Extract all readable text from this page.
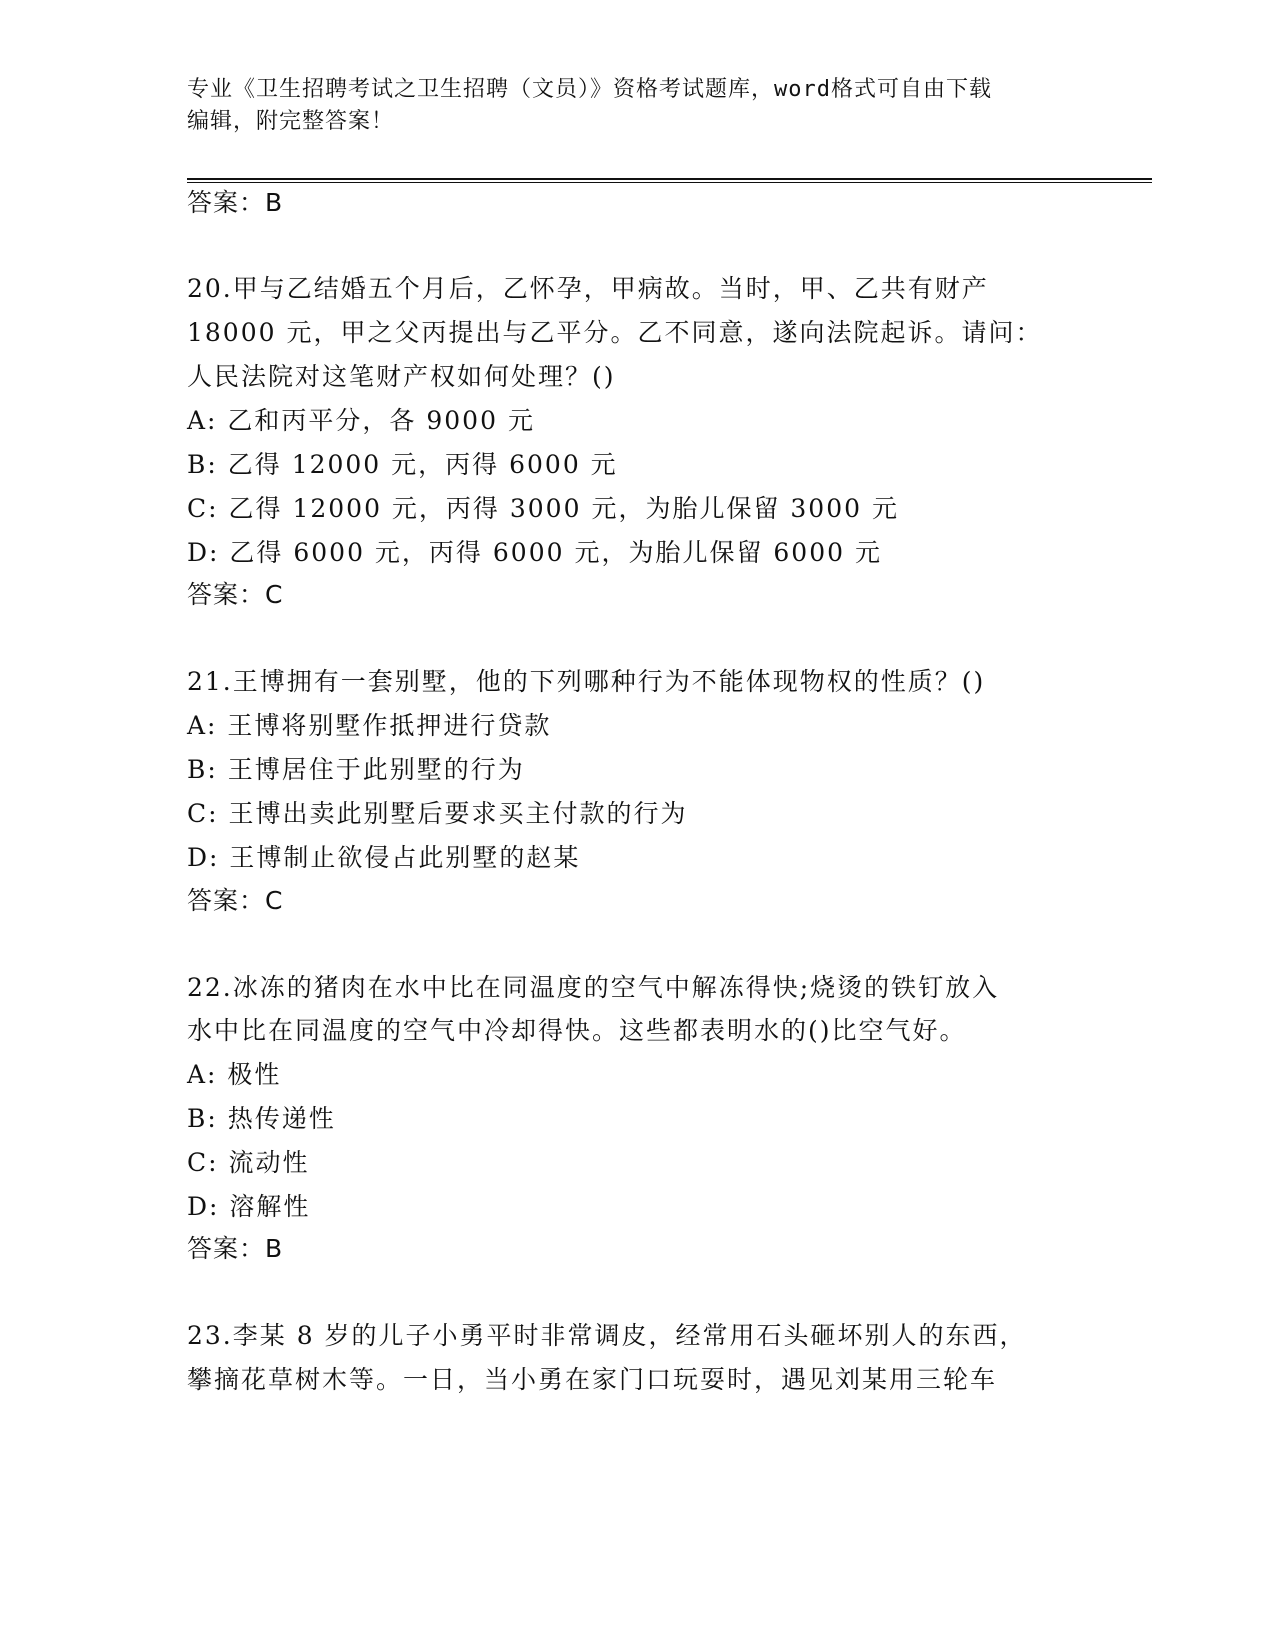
专业《卫生招聘考试之卫生招聘（文员）》资格考试题库，word格式可自由下载
编辑，附完整答案！
答案：B
20.甲与乙结婚五个月后，乙怀孕，甲病故。当时，甲、乙共有财产
18000 元，甲之父丙提出与乙平分。乙不同意，遂向法院起诉。请问：
人民法院对这笔财产权如何处理？()
A: 乙和丙平分，各 9000 元
B: 乙得 12000 元，丙得 6000 元
C: 乙得 12000 元，丙得 3000 元，为胎儿保留 3000 元
D: 乙得 6000 元，丙得 6000 元，为胎儿保留 6000 元
答案：C
21.王博拥有一套别墅，他的下列哪种行为不能体现物权的性质？()
A: 王博将别墅作抵押进行贷款
B: 王博居住于此别墅的行为
C: 王博出卖此别墅后要求买主付款的行为
D: 王博制止欲侵占此别墅的赵某
答案：C
22.冰冻的猪肉在水中比在同温度的空气中解冻得快;烧烫的铁钉放入
水中比在同温度的空气中冷却得快。这些都表明水的()比空气好。
A: 极性
B: 热传递性
C: 流动性
D: 溶解性
答案：B
23.李某 8 岁的儿子小勇平时非常调皮，经常用石头砸坏别人的东西，
攀摘花草树木等。一日，当小勇在家门口玩耍时，遇见刘某用三轮车
